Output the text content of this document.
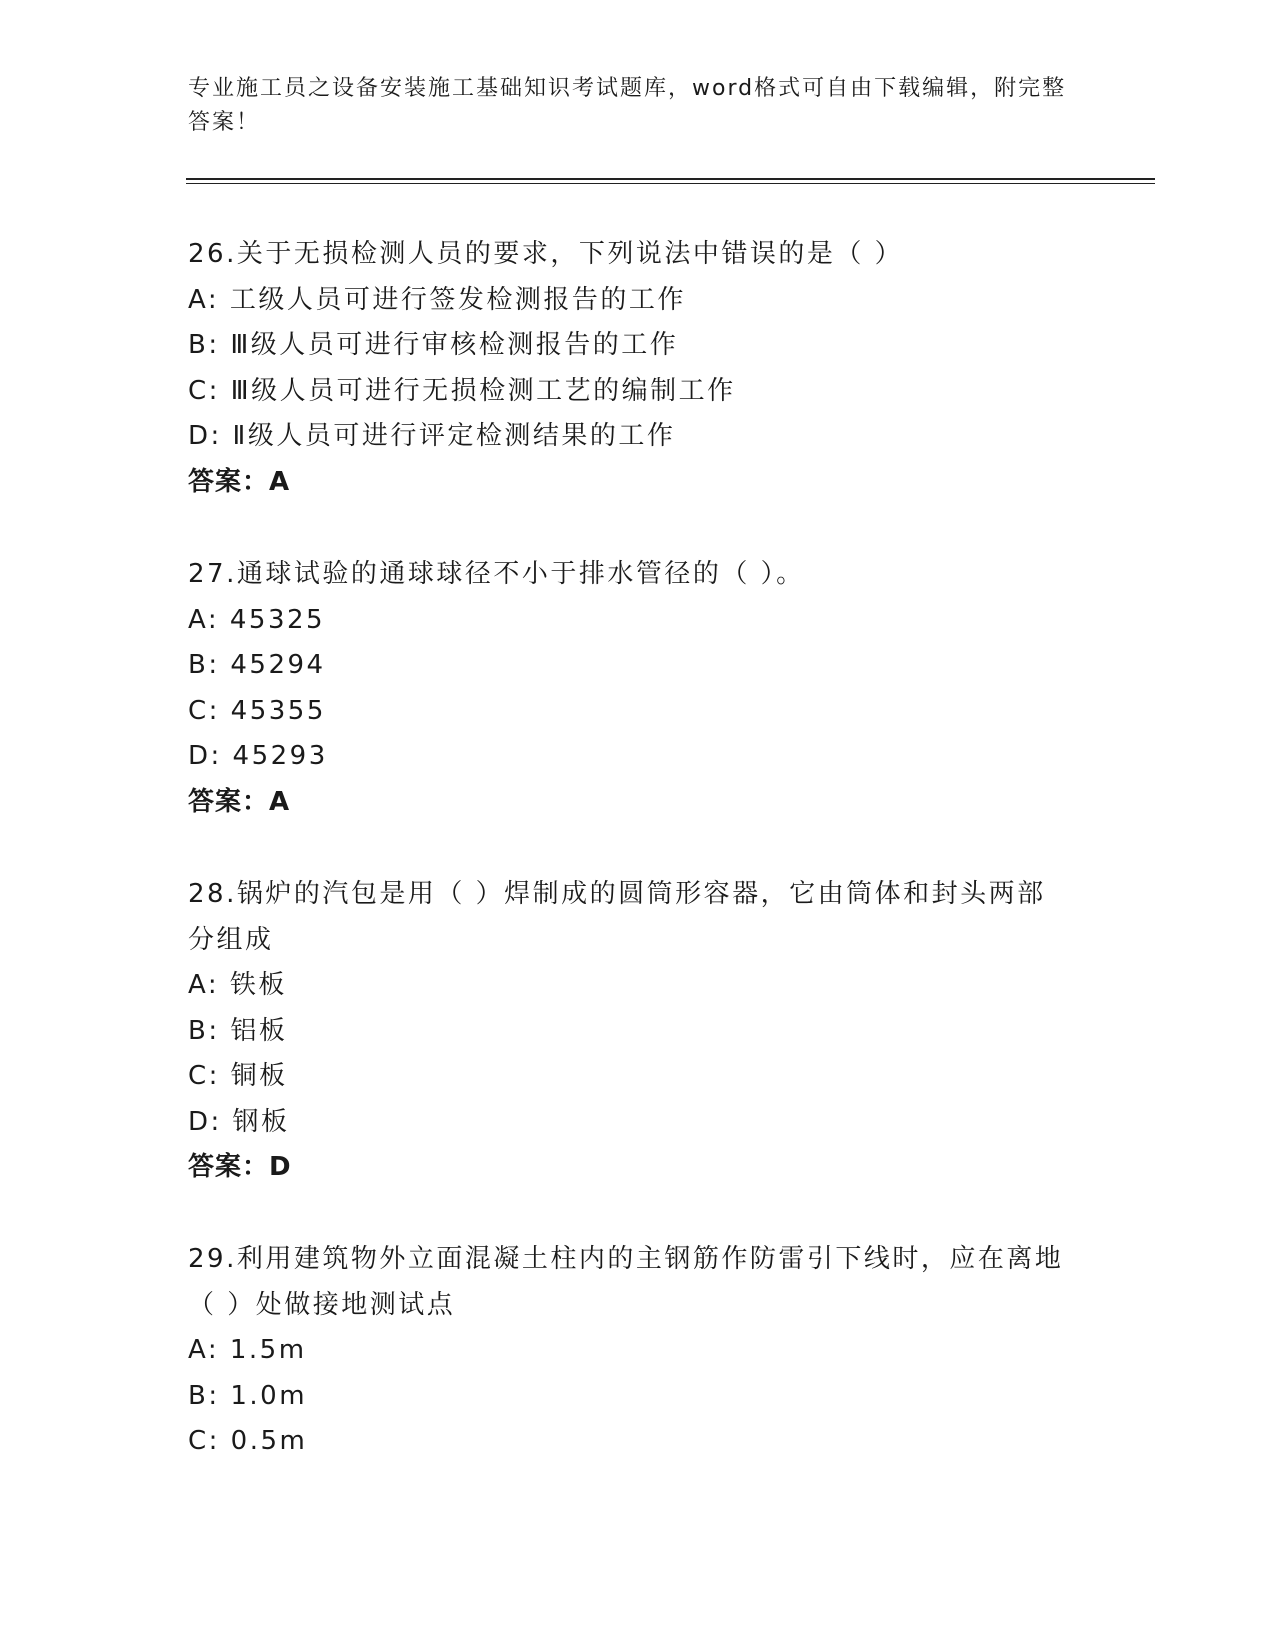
专业施工员之设备安装施工基础知识考试题库，word格式可自由下载编辑，附完整答案！
26.关于无损检测人员的要求，下列说法中错误的是（ ）
A: 工级人员可进行签发检测报告的工作
B: Ⅲ级人员可进行审核检测报告的工作
C: Ⅲ级人员可进行无损检测工艺的编制工作
D: Ⅱ级人员可进行评定检测结果的工作
答案：A
27.通球试验的通球球径不小于排水管径的（ ）。
A: 45325
B: 45294
C: 45355
D: 45293
答案：A
28.锅炉的汽包是用（ ）焊制成的圆筒形容器，它由筒体和封头两部
分组成
A: 铁板
B: 铝板
C: 铜板
D: 钢板
答案：D
29.利用建筑物外立面混凝土柱内的主钢筋作防雷引下线时，应在离地
（ ）处做接地测试点
A: 1.5m
B: 1.0m
C: 0.5m
